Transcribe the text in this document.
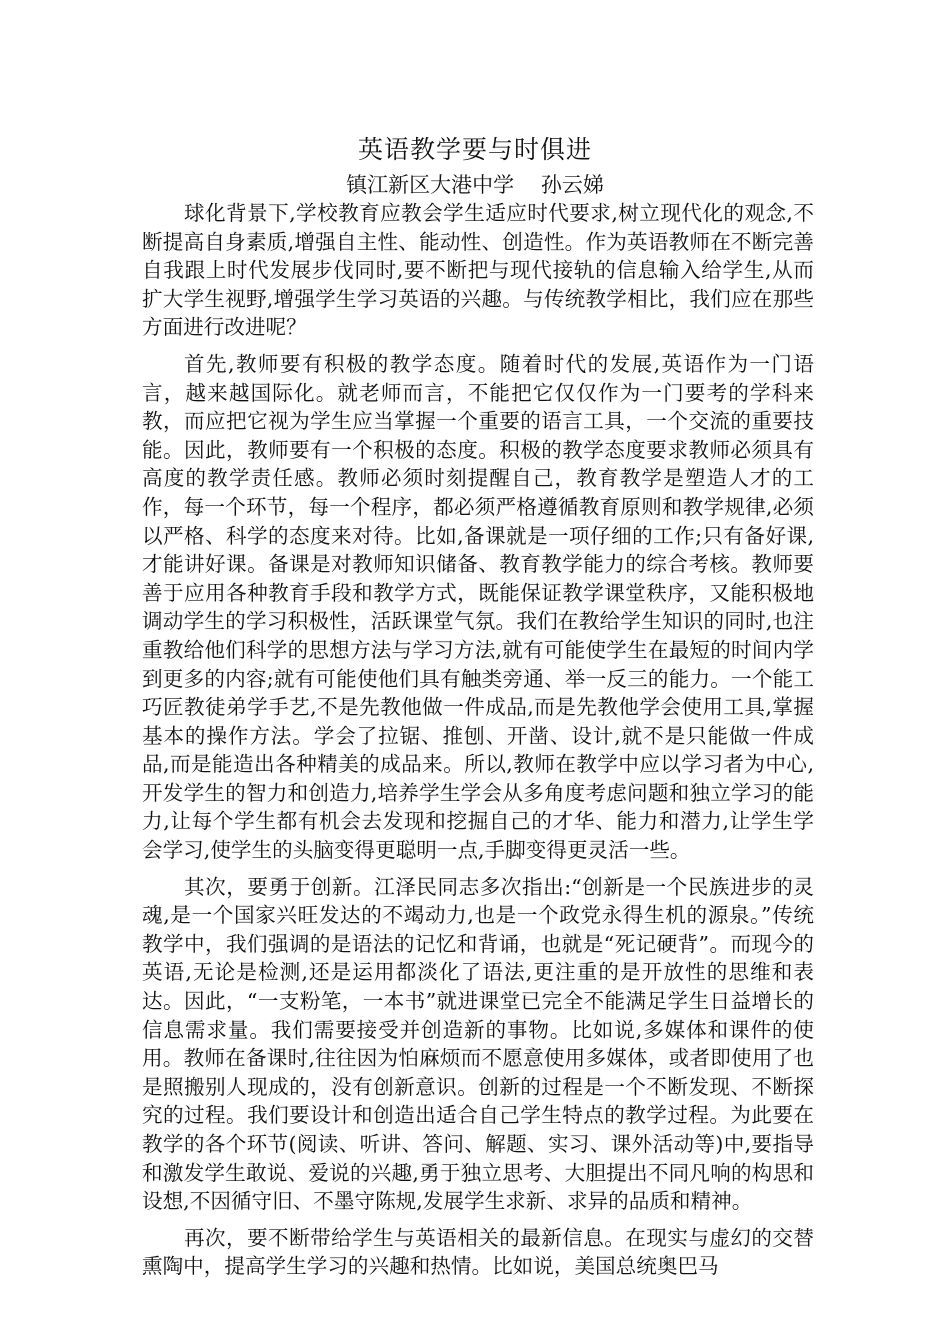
英语教学要与时俱进

镇江新区大港中学    孙云娣

球化背景下,学校教育应教会学生适应时代要求,树立现代化的观念,不断提高自身素质,增强自主性、能动性、创造性。作为英语教师在不断完善自我跟上时代发展步伐同时,要不断把与现代接轨的信息输入给学生,从而扩大学生视野,增强学生学习英语的兴趣。与传统教学相比，我们应在那些方面进行改进呢？

首先,教师要有积极的教学态度。随着时代的发展,英语作为一门语言，越来越国际化。就老师而言，不能把它仅仅作为一门要考的学科来教，而应把它视为学生应当掌握一个重要的语言工具，一个交流的重要技能。因此，教师要有一个积极的态度。积极的教学态度要求教师必须具有高度的教学责任感。教师必须时刻提醒自己，教育教学是塑造人才的工作，每一个环节，每一个程序，都必须严格遵循教育原则和教学规律,必须以严格、科学的态度来对待。比如,备课就是一项仔细的工作;只有备好课,才能讲好课。备课是对教师知识储备、教育教学能力的综合考核。教师要善于应用各种教育手段和教学方式，既能保证教学课堂秩序，又能积极地调动学生的学习积极性，活跃课堂气氛。我们在教给学生知识的同时,也注重教给他们科学的思想方法与学习方法,就有可能使学生在最短的时间内学到更多的内容;就有可能使他们具有触类旁通、举一反三的能力。一个能工巧匠教徒弟学手艺,不是先教他做一件成品,而是先教他学会使用工具,掌握基本的操作方法。学会了拉锯、推刨、开凿、设计,就不是只能做一件成品,而是能造出各种精美的成品来。所以,教师在教学中应以学习者为中心,开发学生的智力和创造力,培养学生学会从多角度考虑问题和独立学习的能力,让每个学生都有机会去发现和挖掘自己的才华、能力和潜力,让学生学会学习,使学生的头脑变得更聪明一点,手脚变得更灵活一些。

其次，要勇于创新。江泽民同志多次指出:“创新是一个民族进步的灵魂,是一个国家兴旺发达的不竭动力,也是一个政党永得生机的源泉。”传统教学中，我们强调的是语法的记忆和背诵，也就是“死记硬背”。而现今的英语,无论是检测,还是运用都淡化了语法,更注重的是开放性的思维和表达。因此，“一支粉笔，一本书”就进课堂已完全不能满足学生日益增长的信息需求量。我们需要接受并创造新的事物。比如说,多媒体和课件的使用。教师在备课时,往往因为怕麻烦而不愿意使用多媒体，或者即使用了也是照搬别人现成的，没有创新意识。创新的过程是一个不断发现、不断探究的过程。我们要设计和创造出适合自己学生特点的教学过程。为此要在教学的各个环节(阅读、听讲、答问、解题、实习、课外活动等)中,要指导和激发学生敢说、爱说的兴趣,勇于独立思考、大胆提出不同凡响的构思和设想,不因循守旧、不墨守陈规,发展学生求新、求异的品质和精神。

再次，要不断带给学生与英语相关的最新信息。在现实与虚幻的交替熏陶中，提高学生学习的兴趣和热情。比如说，美国总统奥巴马
